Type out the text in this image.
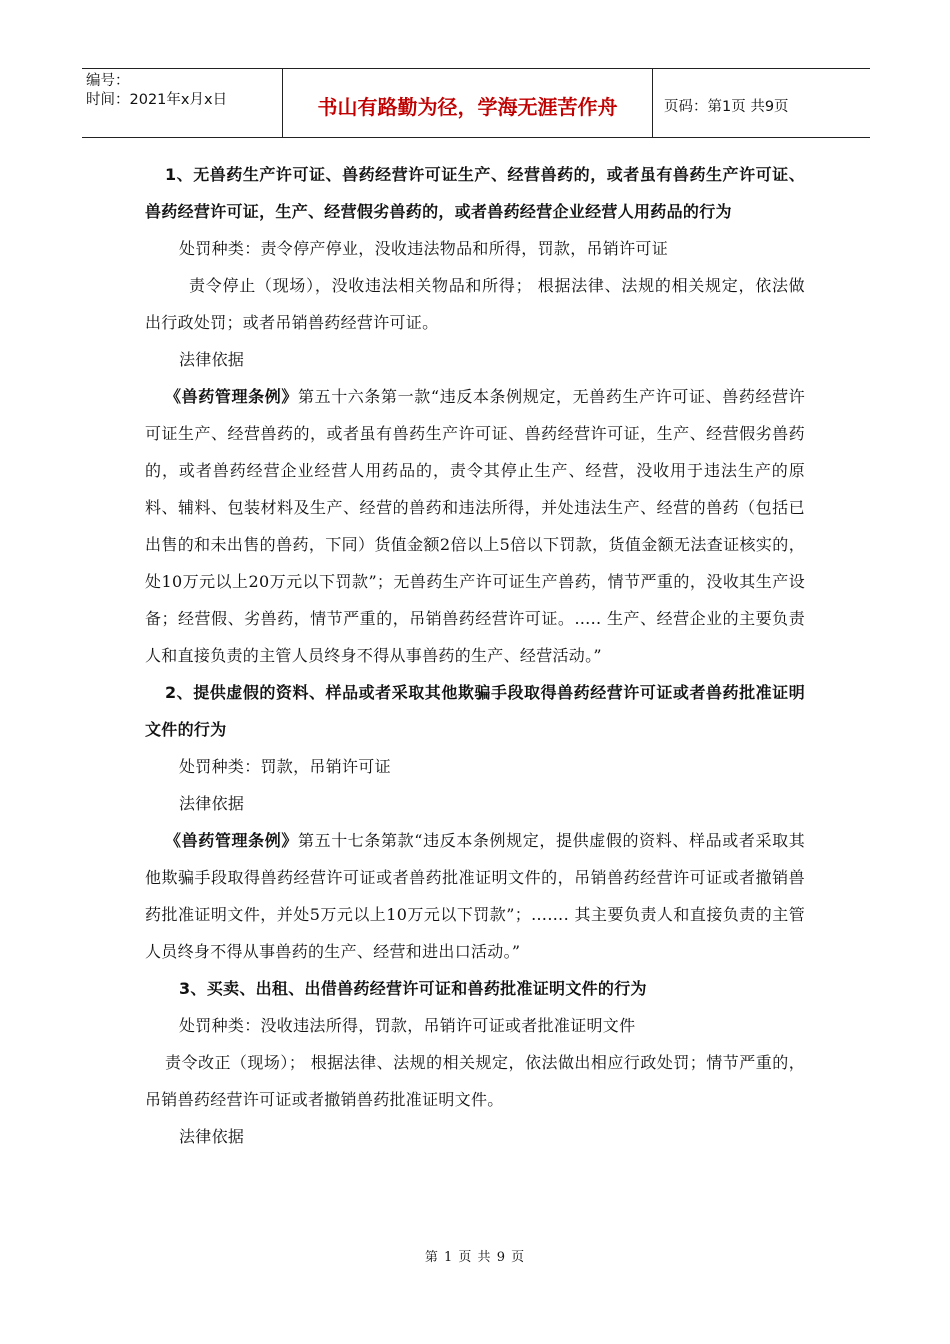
编号：
时间：2021年x月x日	书山有路勤为径，学海无涯苦作舟	页码：第1页 共9页

1、无兽药生产许可证、兽药经营许可证生产、经营兽药的，或者虽有兽药生产许可证、兽药经营许可证，生产、经营假劣兽药的，或者兽药经营企业经营人用药品的行为

处罚种类：责令停产停业，没收违法物品和所得，罚款，吊销许可证

责令停止（现场），没收违法相关物品和所得； 根据法律、法规的相关规定，依法做出行政处罚；或者吊销兽药经营许可证。

法律依据

《兽药管理条例》第五十六条第一款“违反本条例规定，无兽药生产许可证、兽药经营许可证生产、经营兽药的，或者虽有兽药生产许可证、兽药经营许可证，生产、经营假劣兽药的，或者兽药经营企业经营人用药品的，责令其停止生产、经营，没收用于违法生产的原料、辅料、包装材料及生产、经营的兽药和违法所得，并处违法生产、经营的兽药（包括已出售的和未出售的兽药，下同）货值金额2倍以上5倍以下罚款，货值金额无法查证核实的，处10万元以上20万元以下罚款”；无兽药生产许可证生产兽药，情节严重的，没收其生产设备；经营假、劣兽药，情节严重的，吊销兽药经营许可证。….. 生产、经营企业的主要负责人和直接负责的主管人员终身不得从事兽药的生产、经营活动。”

2、提供虚假的资料、样品或者采取其他欺骗手段取得兽药经营许可证或者兽药批准证明文件的行为

处罚种类：罚款，吊销许可证

法律依据

《兽药管理条例》第五十七条第款“违反本条例规定，提供虚假的资料、样品或者采取其他欺骗手段取得兽药经营许可证或者兽药批准证明文件的，吊销兽药经营许可证或者撤销兽药批准证明文件，并处5万元以上10万元以下罚款”；……. 其主要负责人和直接负责的主管人员终身不得从事兽药的生产、经营和进出口活动。”

3、买卖、出租、出借兽药经营许可证和兽药批准证明文件的行为

处罚种类：没收违法所得，罚款，吊销许可证或者批准证明文件

责令改正（现场）； 根据法律、法规的相关规定，依法做出相应行政处罚；情节严重的，吊销兽药经营许可证或者撤销兽药批准证明文件。

法律依据

第 1 页 共 9 页
